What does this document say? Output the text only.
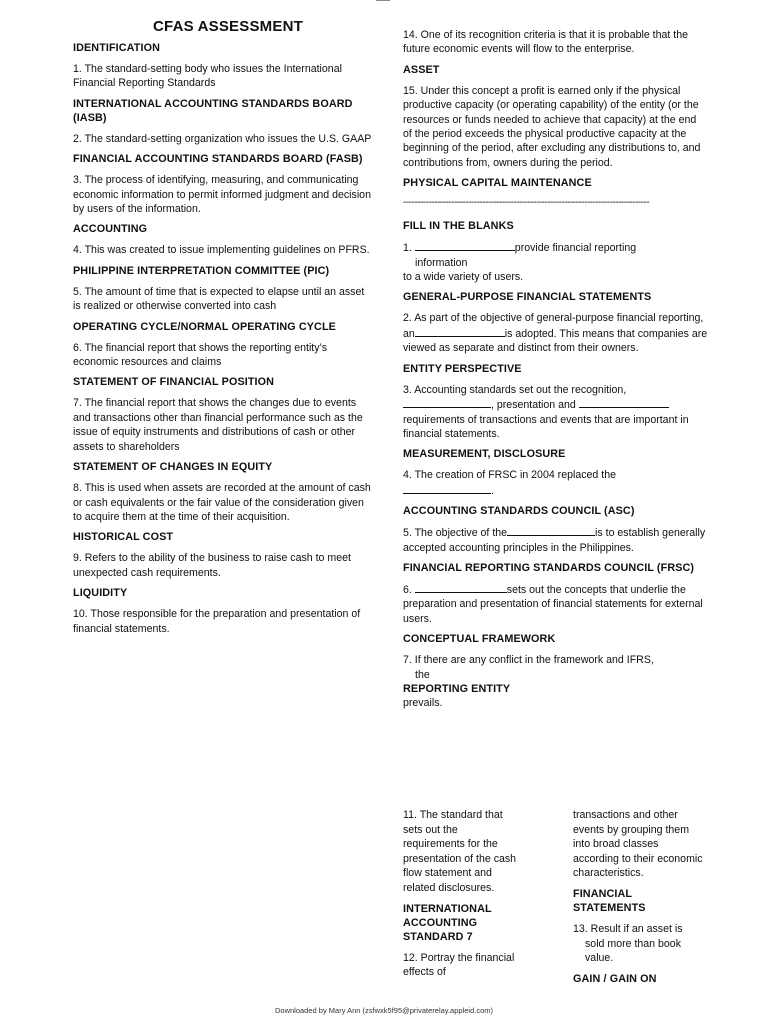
CFAS ASSESSMENT
IDENTIFICATION
1. The standard-setting body who issues the International Financial Reporting Standards
INTERNATIONAL ACCOUNTING STANDARDS BOARD (IASB)
2. The standard-setting organization who issues the U.S. GAAP
FINANCIAL ACCOUNTING STANDARDS BOARD (FASB)
3. The process of identifying, measuring, and communicating economic information to permit informed judgment and decision by users of the information.
ACCOUNTING
4. This was created to issue implementing guidelines on PFRS.
PHILIPPINE INTERPRETATION COMMITTEE (PIC)
5. The amount of time that is expected to elapse until an asset is realized or otherwise converted into cash
OPERATING CYCLE/NORMAL OPERATING CYCLE
6. The financial report that shows the reporting entity’s economic resources and claims
STATEMENT OF FINANCIAL POSITION
7. The financial report that shows the changes due to events and transactions other than financial performance such as the issue of equity instruments and distributions of cash or other assets to shareholders
STATEMENT OF CHANGES IN EQUITY
8. This is used when assets are recorded at the amount of cash or cash equivalents or the fair value of the consideration given to acquire them at the time of their acquisition.
HISTORICAL COST
9. Refers to the ability of the business to raise cash to meet unexpected cash requirements.
LIQUIDITY
10. Those responsible for the preparation and presentation of financial statements.
14. One of its recognition criteria is that it is probable that the future economic events will flow to the enterprise.
ASSET
15. Under this concept a profit is earned only if the physical productive capacity (or operating capability) of the entity (or the resources or funds needed to achieve that capacity) at the end of the period exceeds the physical productive capacity at the beginning of the period, after excluding any distributions to, and contributions from, owners during the period.
PHYSICAL CAPITAL MAINTENANCE
---------------------------------------------------------------------------------------
FILL IN THE BLANKS
1.	provide financial reporting
information
to a wide variety of users.
GENERAL-PURPOSE FINANCIAL STATEMENTS
2. As part of the objective of general-purpose financial reporting, an	is adopted. This means that companies are viewed as separate and distinct from their owners.
ENTITY PERSPECTIVE
3. Accounting standards set out the recognition,
, presentation and
requirements of transactions and events that are important in financial statements.
MEASUREMENT, DISCLOSURE
4. The creation of FRSC in 2004 replaced the
.
ACCOUNTING STANDARDS COUNCIL (ASC)
5. The objective of the	is to establish generally accepted accounting principles in the Philippines.
FINANCIAL REPORTING STANDARDS COUNCIL (FRSC)
6.	sets out the concepts that underlie the preparation and presentation of financial statements for external users.
CONCEPTUAL FRAMEWORK
7. If there are any conflict in the framework and IFRS,
the
REPORTING ENTITY
prevails.
11. The standard that sets out the requirements for the presentation of the cash flow statement and related disclosures.
INTERNATIONAL ACCOUNTING STANDARD 7
12. Portray the financial effects of
transactions and other events by grouping them into broad classes according to their economic characteristics.
FINANCIAL STATEMENTS
13. Result if an asset is
sold more than book value.
GAIN / GAIN ON
Downloaded by Mary Ann (zsfwxk5f95@privaterelay.appleid.com)
